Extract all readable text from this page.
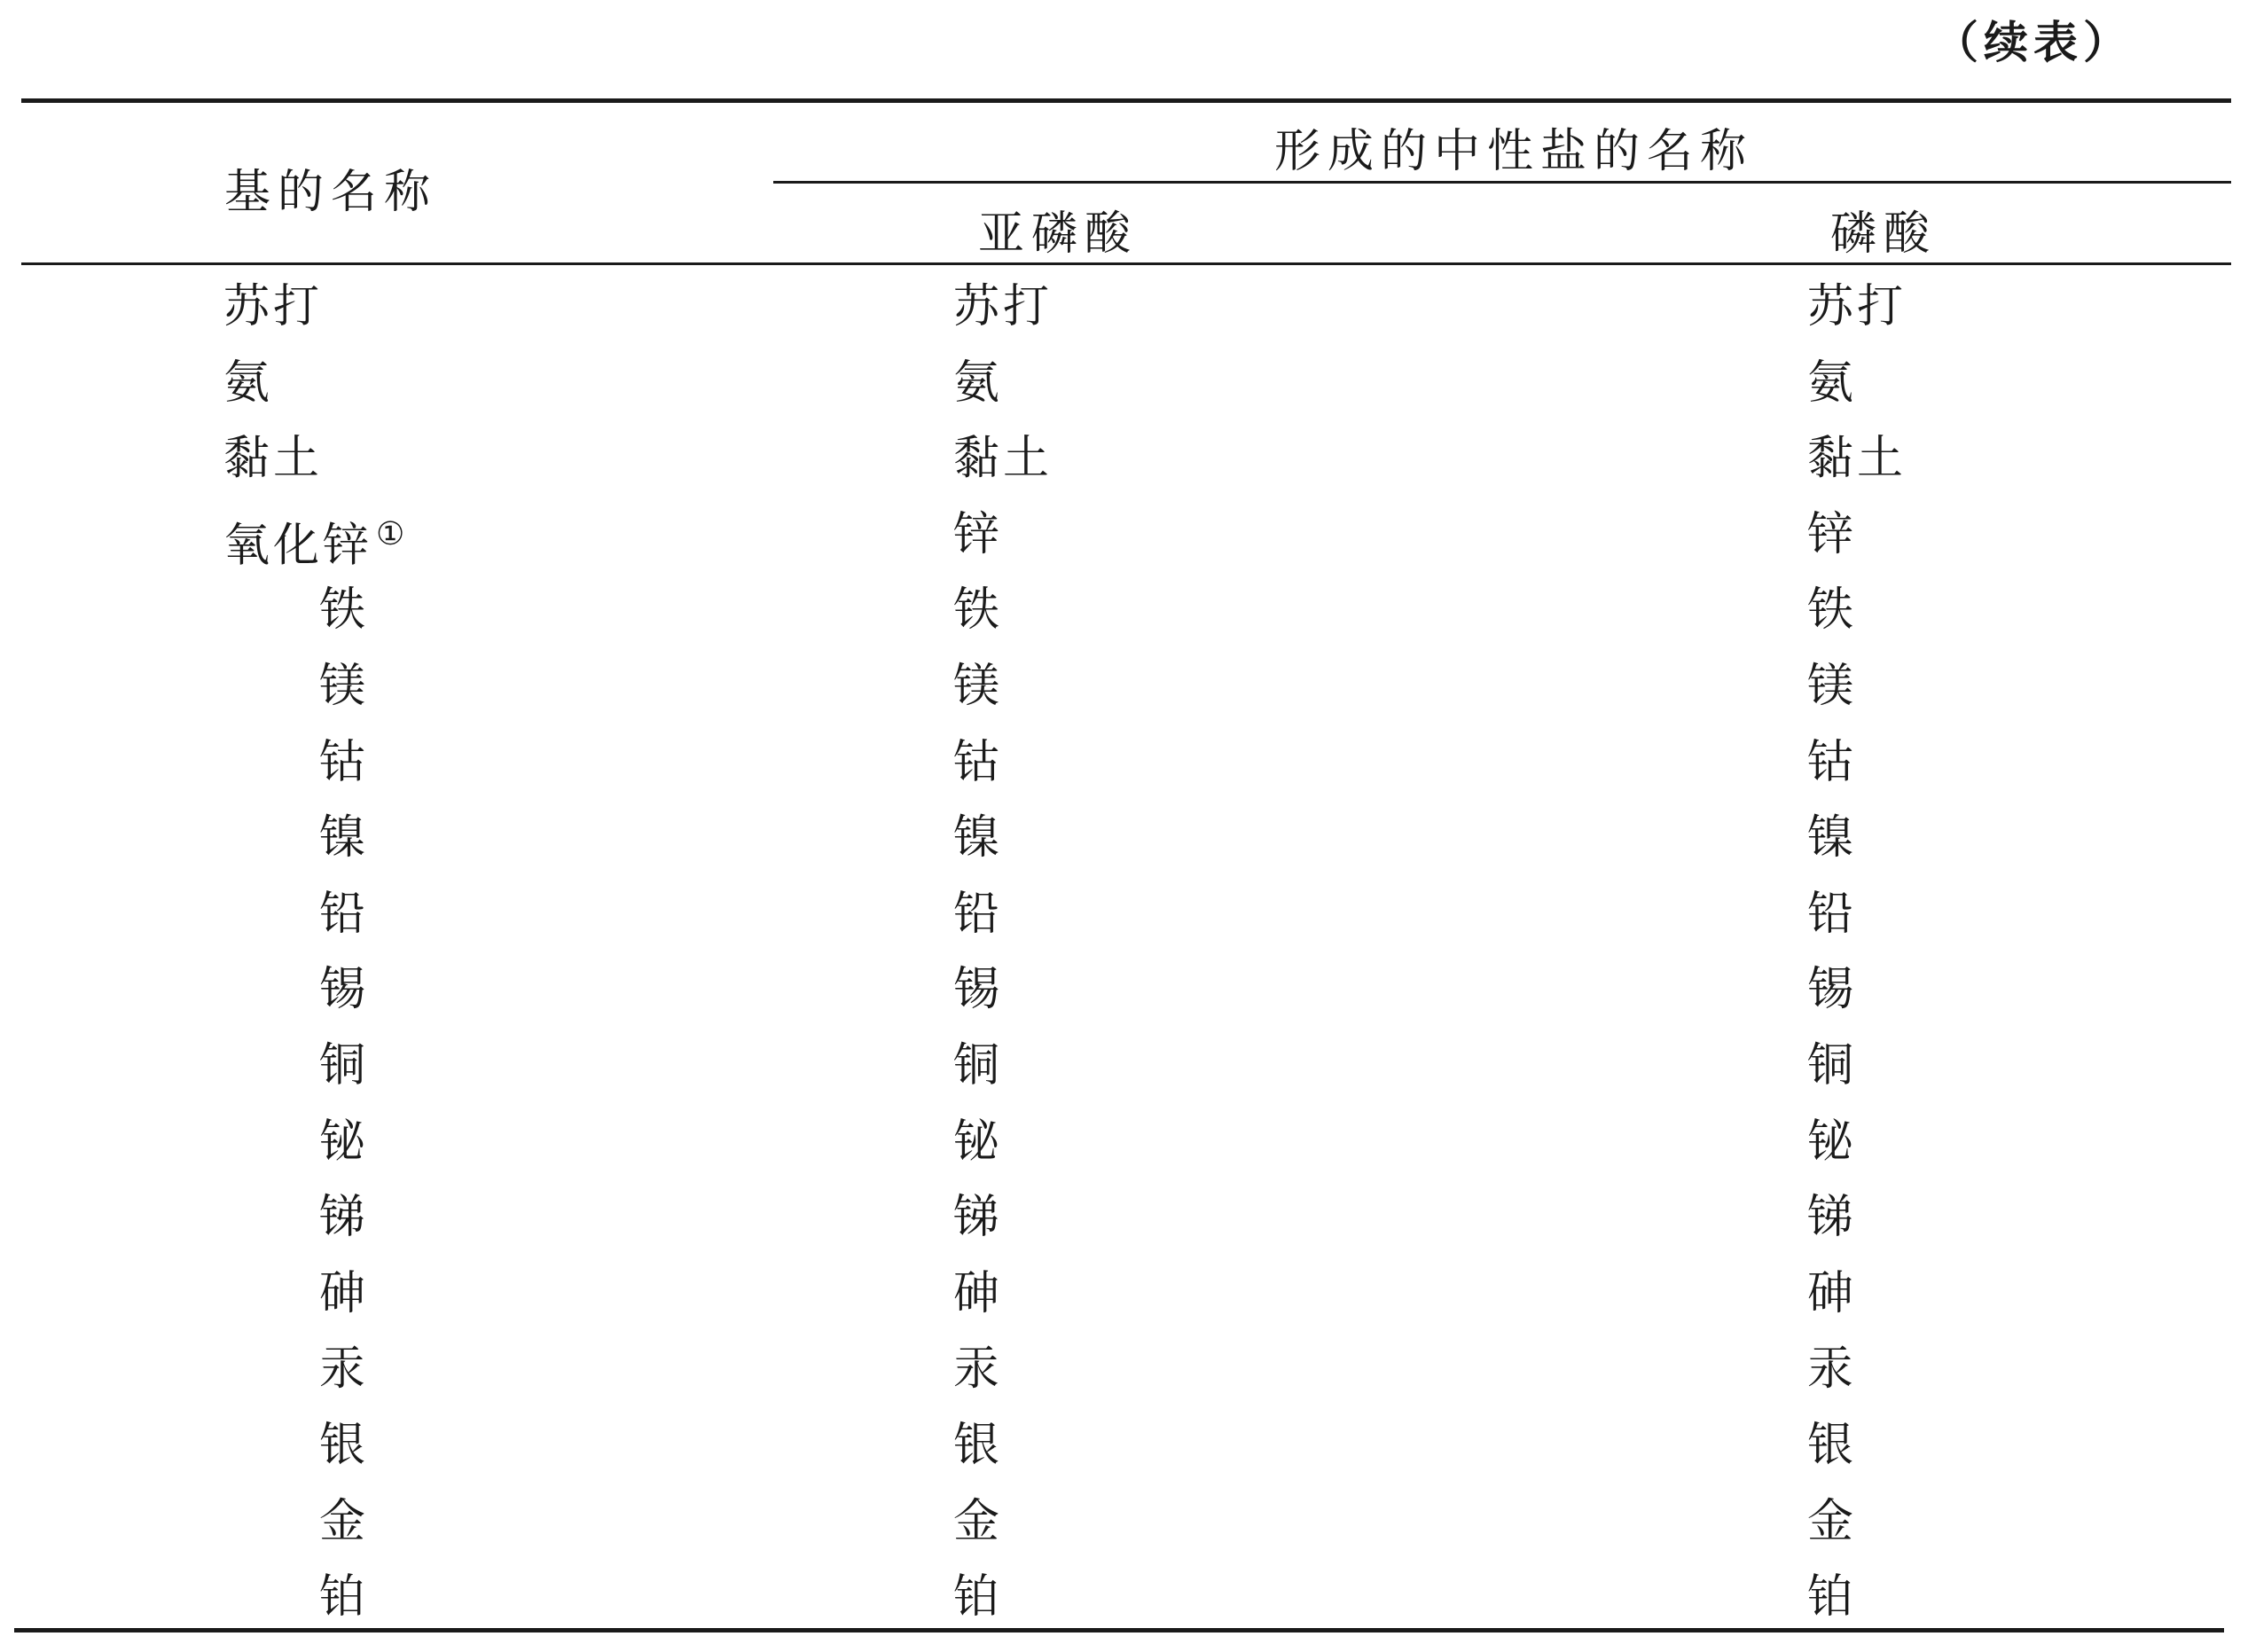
（续表）
基的名称
形成的中性盐的名称
亚磷酸	磷酸
苏打	苏打	苏打
氨	氨	氨
黏土	黏土	黏土
氧化锌 ①	锌	锌
铁	铁	铁
镁	镁	镁
钴	钴	钴
镍	镍	镍
铅	铅	铅
锡	锡	锡
铜	铜	铜
铋	铋	铋
锑	锑	锑
砷	砷	砷
汞	汞	汞
银	银	银
金	金	金
铂	铂	铂
